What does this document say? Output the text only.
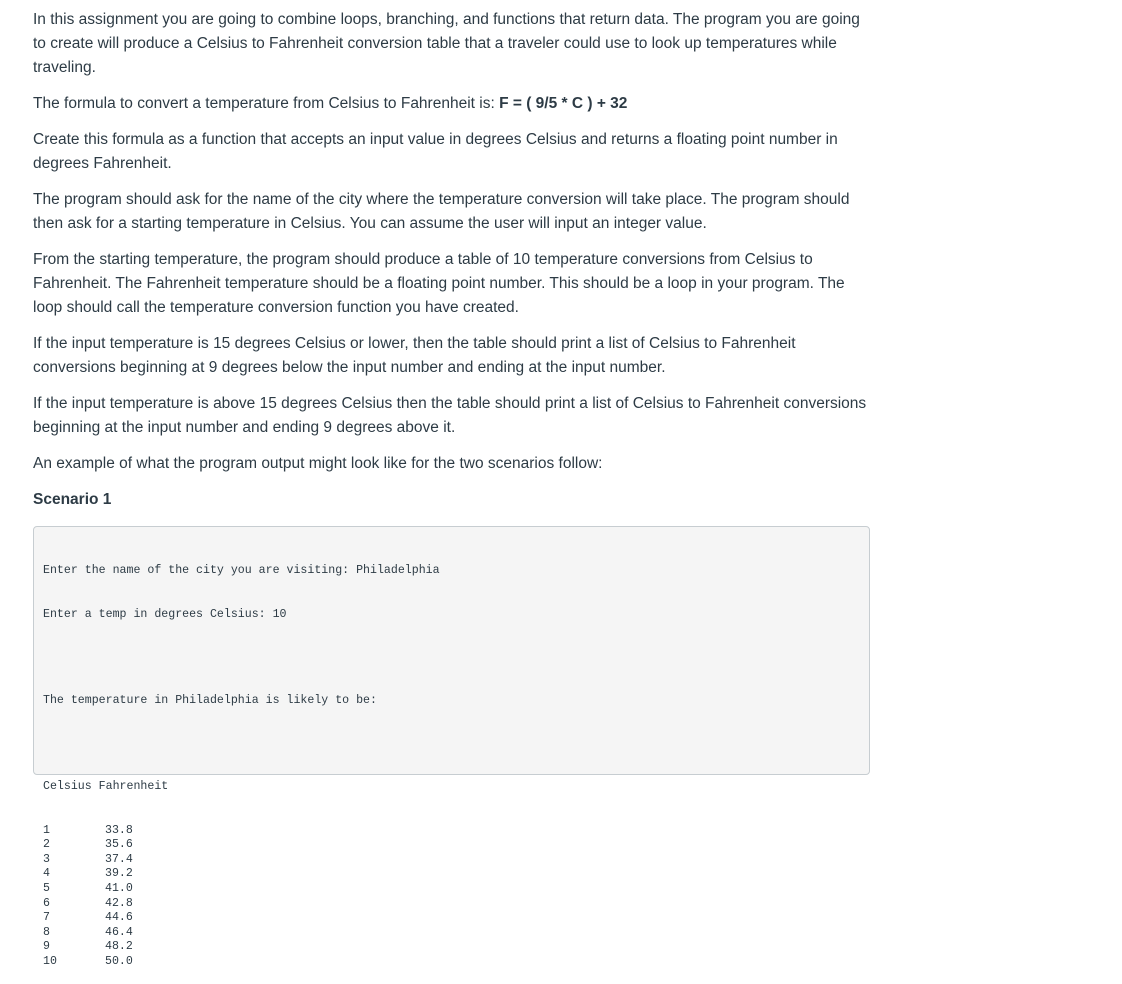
In this assignment you are going to combine loops, branching, and functions that return data. The program you are going to create will produce a Celsius to Fahrenheit conversion table that a traveler could use to look up temperatures while traveling.

The formula to convert a temperature from Celsius to Fahrenheit is: F = ( 9/5 * C ) + 32

Create this formula as a function that accepts an input value in degrees Celsius and returns a floating point number in degrees Fahrenheit.

The program should ask for the name of the city where the temperature conversion will take place. The program should then ask for a starting temperature in Celsius. You can assume the user will input an integer value.

From the starting temperature, the program should produce a table of 10 temperature conversions from Celsius to Fahrenheit. The Fahrenheit temperature should be a floating point number. This should be a loop in your program. The loop should call the temperature conversion function you have created.

If the input temperature is 15 degrees Celsius or lower, then the table should print a list of Celsius to Fahrenheit conversions beginning at 9 degrees below the input number and ending at the input number.

If the input temperature is above 15 degrees Celsius then the table should print a list of Celsius to Fahrenheit conversions beginning at the input number and ending 9 degrees above it.

An example of what the program output might look like for the two scenarios follow:

Scenario 1

Enter the name of the city you are visiting: Philadelphia

Enter a temp in degrees Celsius: 10

The temperature in Philadelphia is likely to be:

Celsius Fahrenheit

1	33.8
2	35.6
3	37.4
4	39.2
5	41.0
6	42.8
7	44.6
8	46.4
9	48.2
10	50.0
